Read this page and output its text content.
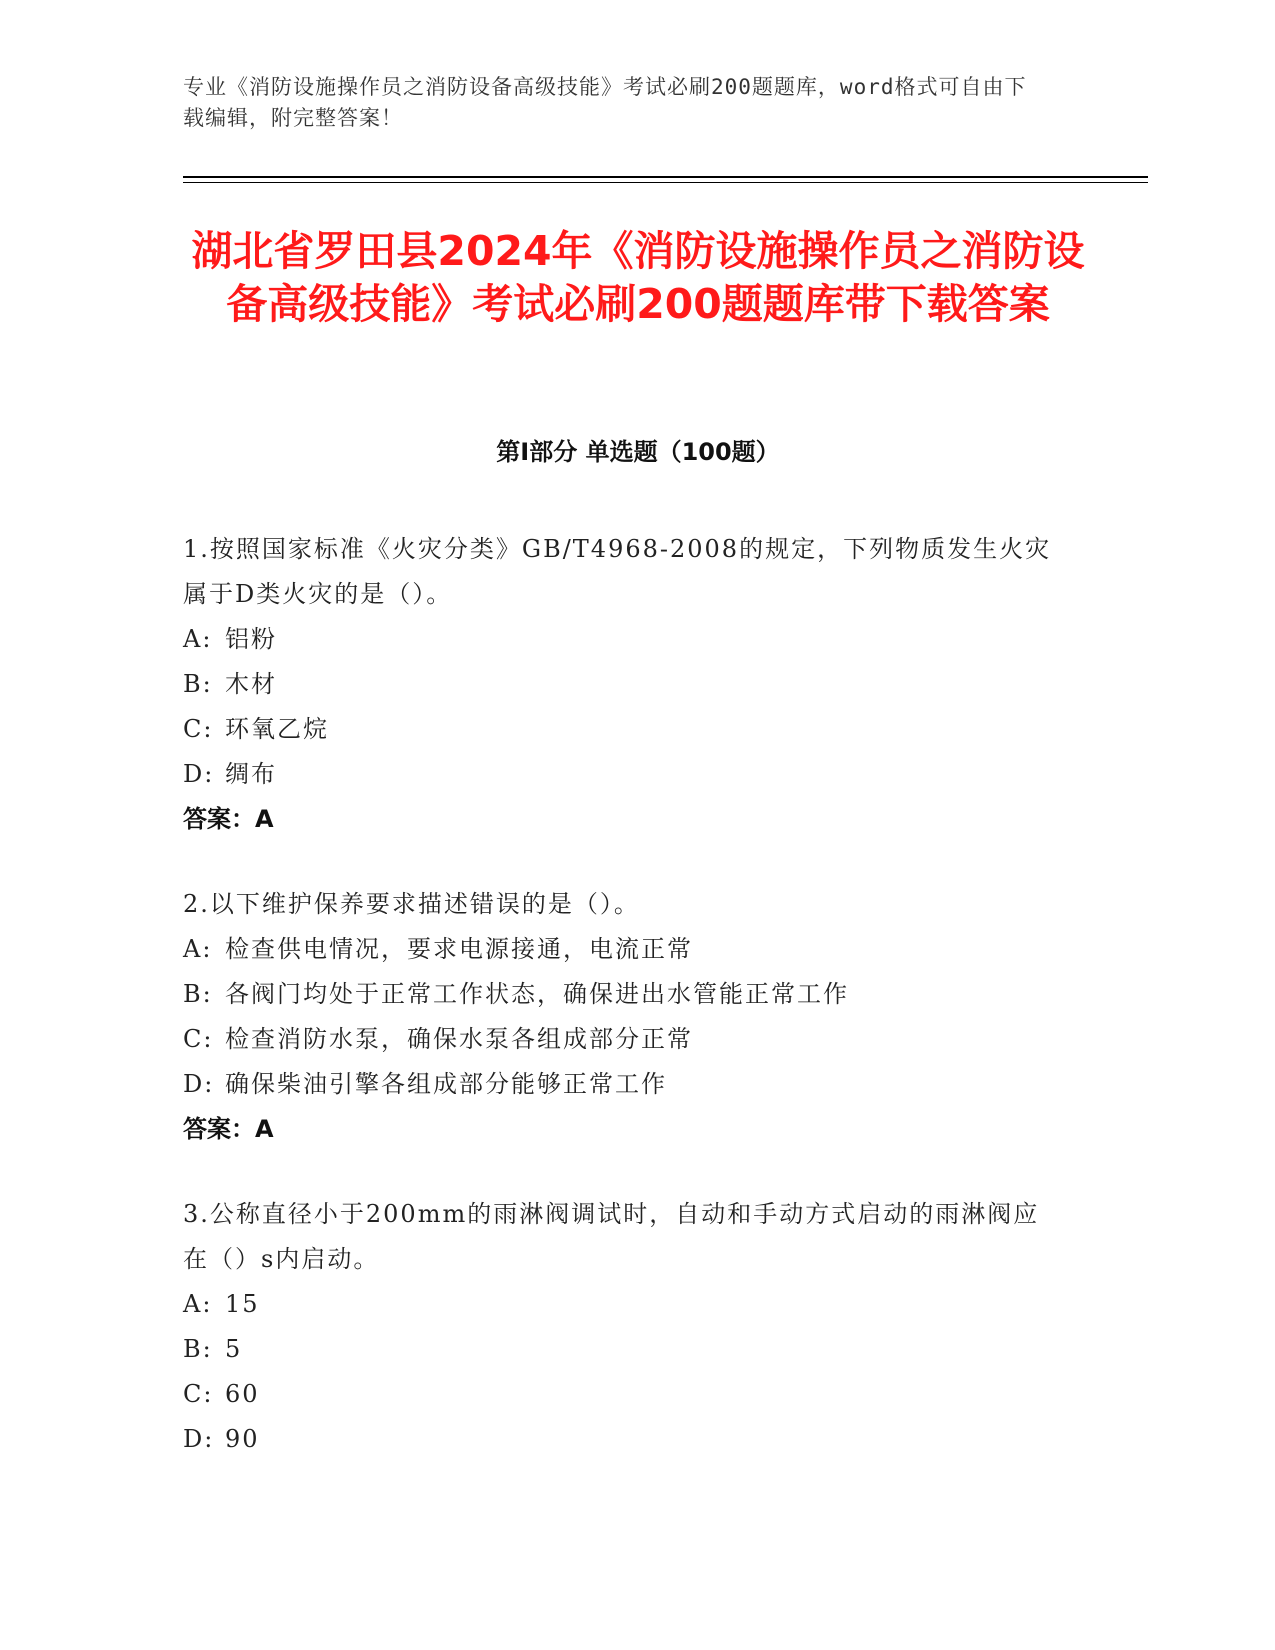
专业《消防设施操作员之消防设备高级技能》考试必刷200题题库，word格式可自由下载编辑，附完整答案！
湖北省罗田县2024年《消防设施操作员之消防设备高级技能》考试必刷200题题库带下载答案
第Ⅰ部分 单选题（100题）
1.按照国家标准《火灾分类》GB/T4968-2008的规定，下列物质发生火灾属于D类火灾的是（）。
A: 铝粉
B: 木材
C: 环氧乙烷
D: 绸布
答案：A
2.以下维护保养要求描述错误的是（）。
A: 检查供电情况，要求电源接通，电流正常
B: 各阀门均处于正常工作状态，确保进出水管能正常工作
C: 检查消防水泵，确保水泵各组成部分正常
D: 确保柴油引擎各组成部分能够正常工作
答案：A
3.公称直径小于200mm的雨淋阀调试时，自动和手动方式启动的雨淋阀应在（）s内启动。
A: 15
B: 5
C: 60
D: 90
